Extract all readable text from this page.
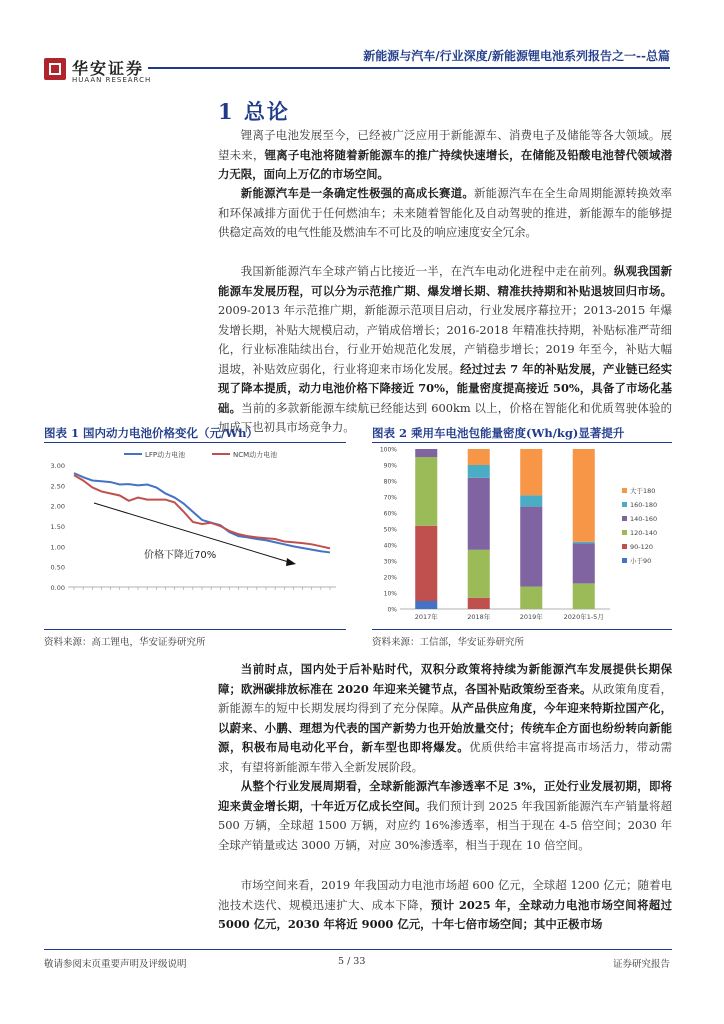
华安证券
HUAAN RESEARCH
新能源与汽车/行业深度/新能源锂电池系列报告之一--总篇
1 总论
锂离子电池发展至今，已经被广泛应用于新能源车、消费电子及储能等各大领域。展望未来，锂离子电池将随着新能源车的推广持续快速增长，在储能及铅酸电池替代领域潜力无限，面向上万亿的市场空间。
新能源汽车是一条确定性极强的高成长赛道。新能源汽车在全生命周期能源转换效率和环保减排方面优于任何燃油车；未来随着智能化及自动驾驶的推进，新能源车的能够提供稳定高效的电气性能及燃油车不可比及的响应速度安全冗余。
我国新能源汽车全球产销占比接近一半，在汽车电动化进程中走在前列。纵观我国新能源车发展历程，可以分为示范推广期、爆发增长期、精准扶持期和补贴退坡回归市场。2009-2013 年示范推广期，新能源示范项目启动，行业发展序幕拉开；2013-2015 年爆发增长期，补贴大规模启动，产销成倍增长；2016-2018 年精准扶持期，补贴标准严苛细化，行业标准陆续出台，行业开始规范化发展，产销稳步增长；2019 年至今，补贴大幅退坡，补贴效应弱化，行业将迎来市场化发展。经过过去 7 年的补贴发展，产业链已经实现了降本提质，动力电池价格下降接近 70%，能量密度提高接近 50%，具备了市场化基础。当前的多款新能源车续航已经能达到 600km 以上，价格在智能化和优质驾驶体验的加成下也初具市场竞争力。
图表 1 国内动力电池价格变化（元/Wh）	图表 2 乘用车电池包能量密度(Wh/kg)显著提升
3.00
2.50
2.00
1.50
1.00
0.50
0.00
LFP动力电池	NCM动力电池
价格下降近70%
100%
90%
80%
70%
60%
50%
40%
30%
20%
10%
0%
2017年	2018年	2019年	2020年1-5月
大于180
160-180
140-160
120-140
90-120
小于90
资料来源：高工锂电，华安证券研究所	资料来源：工信部，华安证券研究所
当前时点，国内处于后补贴时代，双积分政策将持续为新能源汽车发展提供长期保障；欧洲碳排放标准在 2020 年迎来关键节点，各国补贴政策纷至沓来。从政策角度看，新能源车的短中长期发展均得到了充分保障。从产品供应角度，今年迎来特斯拉国产化，以蔚来、小鹏、理想为代表的国产新势力也开始放量交付；传统车企方面也纷纷转向新能源，积极布局电动化平台，新车型也即将爆发。优质供给丰富将提高市场活力，带动需求，有望将新能源车带入全新发展阶段。
从整个行业发展周期看，全球新能源汽车渗透率不足 3%，正处行业发展初期，即将迎来黄金增长期，十年近万亿成长空间。我们预计到 2025 年我国新能源汽车产销量将超 500 万辆，全球超 1500 万辆，对应约 16%渗透率，相当于现在 4-5 倍空间；2030 年全球产销量或达 3000 万辆，对应 30%渗透率，相当于现在 10 倍空间。
市场空间来看，2019 年我国动力电池市场超 600 亿元，全球超 1200 亿元；随着电池技术迭代、规模迅速扩大、成本下降，预计 2025 年，全球动力电池市场空间将超过 5000 亿元，2030 年将近 9000 亿元，十年七倍市场空间；其中正极市场
敬请参阅末页重要声明及评级说明	5 / 33	证券研究报告
